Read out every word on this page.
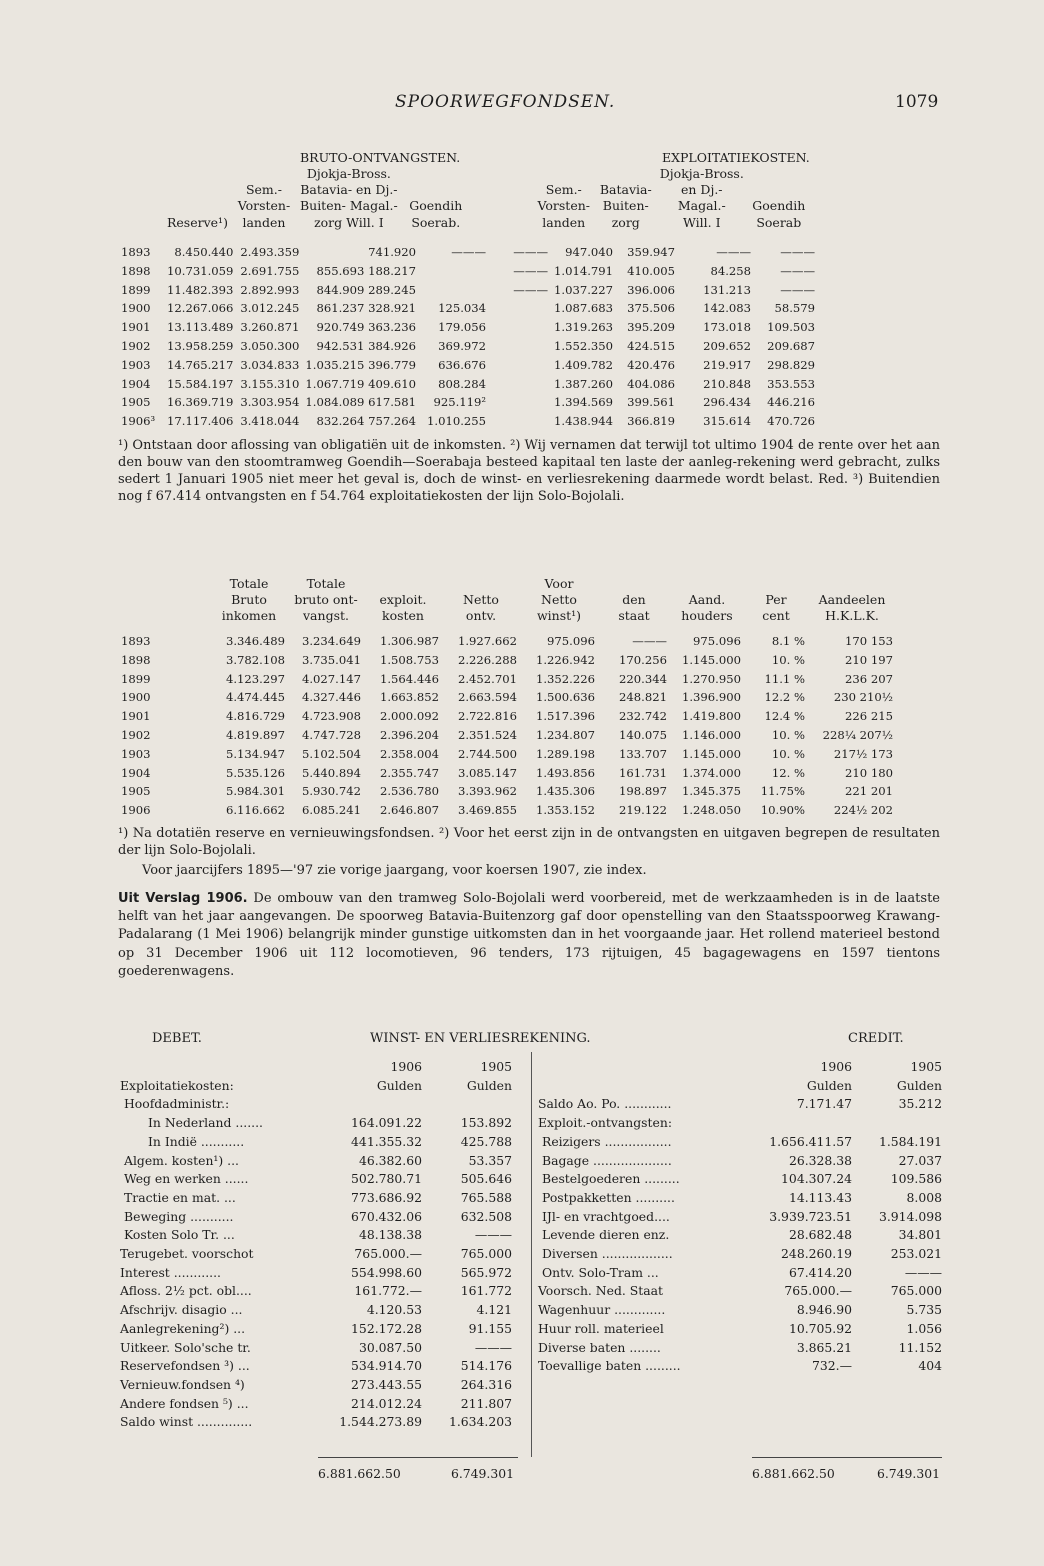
SPOORWEGFONDSEN.	1079
BRUTO-ONTVANGSTEN.	EXPLOITATIEKOSTEN.
			Djokja-Bross.					Djokja-Bross.	
		Sem.-	Batavia- en Dj.-			Sem.-	Batavia-	en Dj.-	
		Vorsten-	Buiten- Magal.-	Goendih		Vorsten-	Buiten-	Magal.-	Goendih
	Reserve¹)	landen	zorg Will. I	Soerab.		landen	zorg	Will. I	Soerab
1893	8.450.440	2.493.359	741.920	———	———	947.040	359.947	———	———
1898	10.731.059	2.691.755	855.693 188.217		———	1.014.791	410.005	84.258	———
1899	11.482.393	2.892.993	844.909 289.245		———	1.037.227	396.006	131.213	———
1900	12.267.066	3.012.245	861.237 328.921	125.034		1.087.683	375.506	142.083	58.579
1901	13.113.489	3.260.871	920.749 363.236	179.056		1.319.263	395.209	173.018	109.503
1902	13.958.259	3.050.300	942.531 384.926	369.972		1.552.350	424.515	209.652	209.687
1903	14.765.217	3.034.833	1.035.215 396.779	636.676		1.409.782	420.476	219.917	298.829
1904	15.584.197	3.155.310	1.067.719 409.610	808.284		1.387.260	404.086	210.848	353.553
1905	16.369.719	3.303.954	1.084.089 617.581	925.119²		1.394.569	399.561	296.434	446.216
1906³	17.117.406	3.418.044	832.264 757.264	1.010.255		1.438.944	366.819	315.614	470.726
¹) Ontstaan door aflossing van obligatiën uit de inkomsten. ²) Wij vernamen dat terwijl tot ultimo 1904 de rente over het aan den bouw van den stoomtramweg Goendih—Soerabaja besteed kapitaal ten laste der aanleg-rekening werd gebracht, zulks sedert 1 Januari 1905 niet meer het geval is, doch de winst- en verliesrekening daarmede wordt belast. Red. ³) Buitendien nog f 67.414 ontvangsten en f 54.764 exploitatiekosten der lijn Solo-Bojolali.
	Totale	Totale			Voor				
	Bruto	bruto ont-	exploit.	Netto	Netto	den	Aand.	Per	Aandeelen
	inkomen	vangst.	kosten	ontv.	winst¹)	staat	houders	cent	H.K.L.K.
1893	3.346.489	3.234.649	1.306.987	1.927.662	975.096	———	975.096	8.1 %	170 153
1898	3.782.108	3.735.041	1.508.753	2.226.288	1.226.942	170.256	1.145.000	10. %	210 197
1899	4.123.297	4.027.147	1.564.446	2.452.701	1.352.226	220.344	1.270.950	11.1 %	236 207
1900	4.474.445	4.327.446	1.663.852	2.663.594	1.500.636	248.821	1.396.900	12.2 %	230 210½
1901	4.816.729	4.723.908	2.000.092	2.722.816	1.517.396	232.742	1.419.800	12.4 %	226 215
1902	4.819.897	4.747.728	2.396.204	2.351.524	1.234.807	140.075	1.146.000	10. %	228¼ 207½
1903	5.134.947	5.102.504	2.358.004	2.744.500	1.289.198	133.707	1.145.000	10. %	217½ 173
1904	5.535.126	5.440.894	2.355.747	3.085.147	1.493.856	161.731	1.374.000	12. %	210 180
1905	5.984.301	5.930.742	2.536.780	3.393.962	1.435.306	198.897	1.345.375	11.75%	221 201
1906	6.116.662	6.085.241	2.646.807	3.469.855	1.353.152	219.122	1.248.050	10.90%	224½ 202
¹) Na dotatiën reserve en vernieuwingsfondsen. ²) Voor het eerst zijn in de ontvangsten en uitgaven begrepen de resultaten der lijn Solo-Bojolali.
Voor jaarcijfers 1895—'97 zie vorige jaargang, voor koersen 1907, zie index.
Uit Verslag 1906. De ombouw van den tramweg Solo-Bojolali werd voorbereid, met de werkzaamheden is in de laatste helft van het jaar aangevangen. De spoorweg Batavia-Buitenzorg gaf door openstelling van den Staatsspoorweg Krawang-Padalarang (1 Mei 1906) belangrijk minder gunstige uitkomsten dan in het voorgaande jaar. Het rollend materieel bestond op 31 December 1906 uit 112 locomotieven, 96 tenders, 173 rijtuigen, 45 bagagewagens en 1597 tientons goederenwagens.
DEBET.	WINST- EN VERLIESREKENING.	CREDIT.
	1906	1905
Exploitatiekosten:	Gulden	Gulden
Hoofdadministr.:		
In Nederland .......	164.091.22	153.892
In Indië ...........	441.355.32	425.788
Algem. kosten¹) ...	46.382.60	53.357
Weg en werken ......	502.780.71	505.646
Tractie en mat. ...	773.686.92	765.588
Beweging ...........	670.432.06	632.508
Kosten Solo Tr. ...	48.138.38	———
Terugebet. voorschot	765.000.—	765.000
Interest ............	554.998.60	565.972
Afloss. 2½ pct. obl....	161.772.—	161.772
Afschrijv. disagio ...	4.120.53	4.121
Aanlegrekening²) ...	152.172.28	91.155
Uitkeer. Solo'sche tr.	30.087.50	———
Reservefondsen ³) ...	534.914.70	514.176
Vernieuw.fondsen ⁴)	273.443.55	264.316
Andere fondsen ⁵) ...	214.012.24	211.807
Saldo winst ..............	1.544.273.89	1.634.203
	1906	1905
	Gulden	Gulden
Saldo Ao. Po. ............	7.171.47	35.212
Exploit.-ontvangsten:		
Reizigers .................	1.656.411.57	1.584.191
Bagage ....................	26.328.38	27.037
Bestelgoederen .........	104.307.24	109.586
Postpakketten ..........	14.113.43	8.008
IJl- en vrachtgoed....	3.939.723.51	3.914.098
Levende dieren enz.	28.682.48	34.801
Diversen ..................	248.260.19	253.021
Ontv. Solo-Tram ...	67.414.20	———
Voorsch. Ned. Staat	765.000.—	765.000
Wagenhuur .............	8.946.90	5.735
Huur roll. materieel	10.705.92	1.056
Diverse baten ........	3.865.21	11.152
Toevallige baten .........	732.—	404
6.881.662.50	6.749.301	6.881.662.50	6.749.301
